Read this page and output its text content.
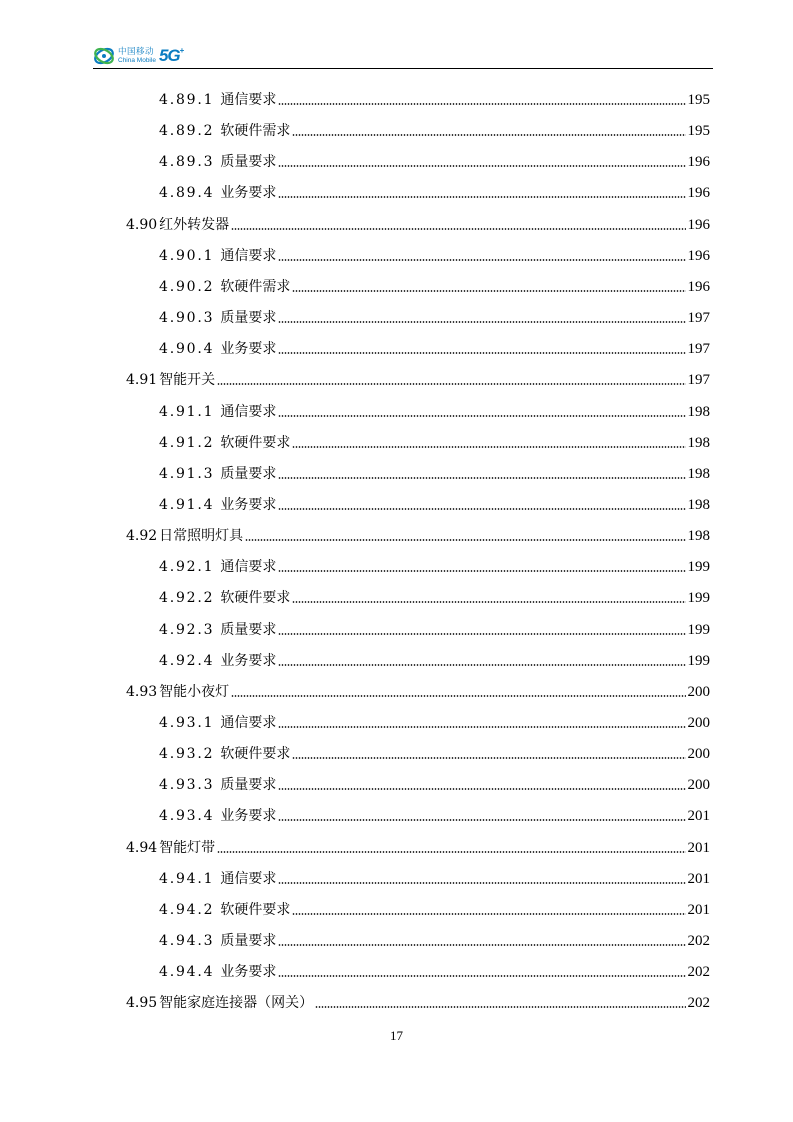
中国移动
China Mobile 5G +
4.89.1 通信要求	195
4.89.2 软硬件需求	195
4.89.3 质量要求	196
4.89.4 业务要求	196
4.90 红外转发器	196
4.90.1 通信要求	196
4.90.2 软硬件需求	196
4.90.3 质量要求	197
4.90.4 业务要求	197
4.91 智能开关	197
4.91.1 通信要求	198
4.91.2 软硬件要求	198
4.91.3 质量要求	198
4.91.4 业务要求	198
4.92 日常照明灯具	198
4.92.1 通信要求	199
4.92.2 软硬件要求	199
4.92.3 质量要求	199
4.92.4 业务要求	199
4.93 智能小夜灯	200
4.93.1 通信要求	200
4.93.2 软硬件要求	200
4.93.3 质量要求	200
4.93.4 业务要求	201
4.94 智能灯带	201
4.94.1 通信要求	201
4.94.2 软硬件要求	201
4.94.3 质量要求	202
4.94.4 业务要求	202
4.95 智能家庭连接器（网关）	202
17
